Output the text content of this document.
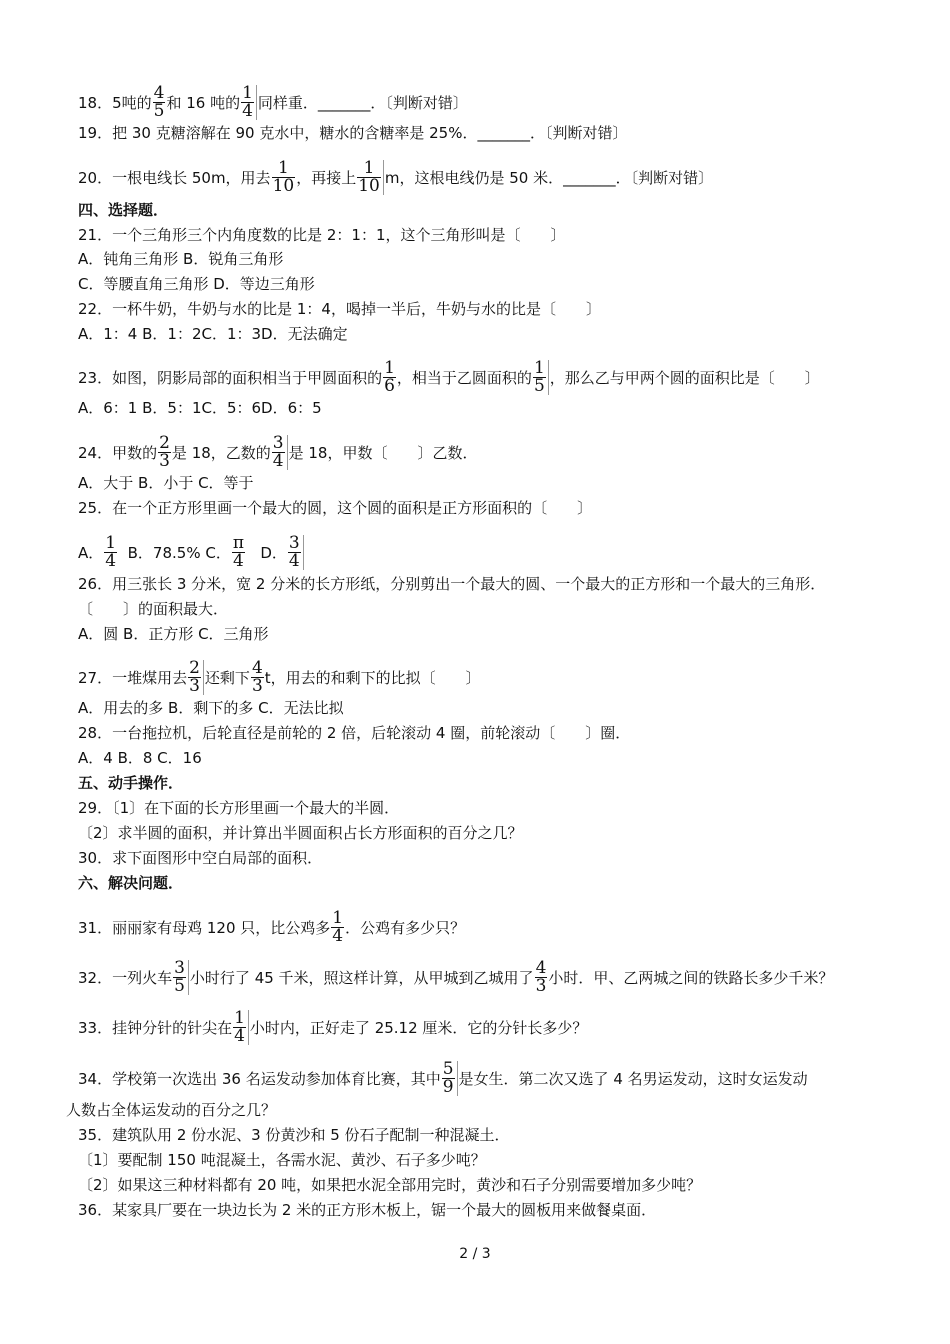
18．5吨的 $\frac{4}{5}$ 和 16 吨的 $\frac{1}{4}$ 同样重．_______．〔判断对错〕
19．把 30 克糖溶解在 90 克水中，糖水的含糖率是 25%．_______．〔判断对错〕
20．一根电线长 50m，用去 $\frac{1}{10}$ ，再接上 $\frac{1}{10}$ m，这根电线仍是 50 米．_______．〔判断对错〕
四、选择题．
21．一个三角形三个内角度数的比是 2：1：1，这个三角形叫是〔　　〕
A．钝角三角形 B．锐角三角形
C．等腰直角三角形 D．等边三角形
22．一杯牛奶，牛奶与水的比是 1：4，喝掉一半后，牛奶与水的比是〔　　〕
A．1：4 B．1：2C．1：3D．无法确定
23．如图，阴影局部的面积相当于甲圆面积的 $\frac{1}{6}$ ，相当于乙圆面积的 $\frac{1}{5}$ ，那么乙与甲两个圆的面积比是〔　　〕
A．6：1 B．5：1C．5：6D．6：5
24．甲数的 $\frac{2}{3}$ 是 18，乙数的 $\frac{3}{4}$ 是 18，甲数〔　　〕乙数．
A．大于 B．小于 C．等于
25．在一个正方形里画一个最大的圆，这个圆的面积是正方形面积的〔　　〕
A． $\frac{1}{4}$ B．78.5% C． $\frac{\pi}{4}$ D． $\frac{3}{4}$
26．用三张长 3 分米，宽 2 分米的长方形纸，分别剪出一个最大的圆、一个最大的正方形和一个最大的三角形．
〔　　〕的面积最大．
A．圆 B．正方形 C．三角形
27．一堆煤用去 $\frac{2}{3}$ 还剩下 $\frac{4}{3}$ t，用去的和剩下的比拟〔　　〕
A．用去的多 B．剩下的多 C．无法比拟
28．一台拖拉机，后轮直径是前轮的 2 倍，后轮滚动 4 圈，前轮滚动〔　　〕圈．
A．4 B．8 C．16
五、动手操作．
29．〔1〕在下面的长方形里画一个最大的半圆．
〔2〕求半圆的面积，并计算出半圆面积占长方形面积的百分之几？
30．求下面图形中空白局部的面积．
六、解决问题．
31．丽丽家有母鸡 120 只，比公鸡多 $\frac{1}{4}$ ．公鸡有多少只？
32．一列火车 $\frac{3}{5}$ 小时行了 45 千米，照这样计算，从甲城到乙城用了 $\frac{4}{3}$ 小时．甲、乙两城之间的铁路长多少千米？
33．挂钟分针的针尖在 $\frac{1}{4}$ 小时内，正好走了 25.12 厘米．它的分针长多少？
34．学校第一次选出 36 名运发动参加体育比赛，其中 $\frac{5}{9}$ 是女生．第二次又选了 4 名男运发动，这时女运发动
人数占全体运发动的百分之几？
35．建筑队用 2 份水泥、3 份黄沙和 5 份石子配制一种混凝土．
〔1〕要配制 150 吨混凝土，各需水泥、黄沙、石子多少吨？
〔2〕如果这三种材料都有 20 吨，如果把水泥全部用完时，黄沙和石子分别需要增加多少吨？
36．某家具厂要在一块边长为 2 米的正方形木板上，锯一个最大的圆板用来做餐桌面．
2 / 3
